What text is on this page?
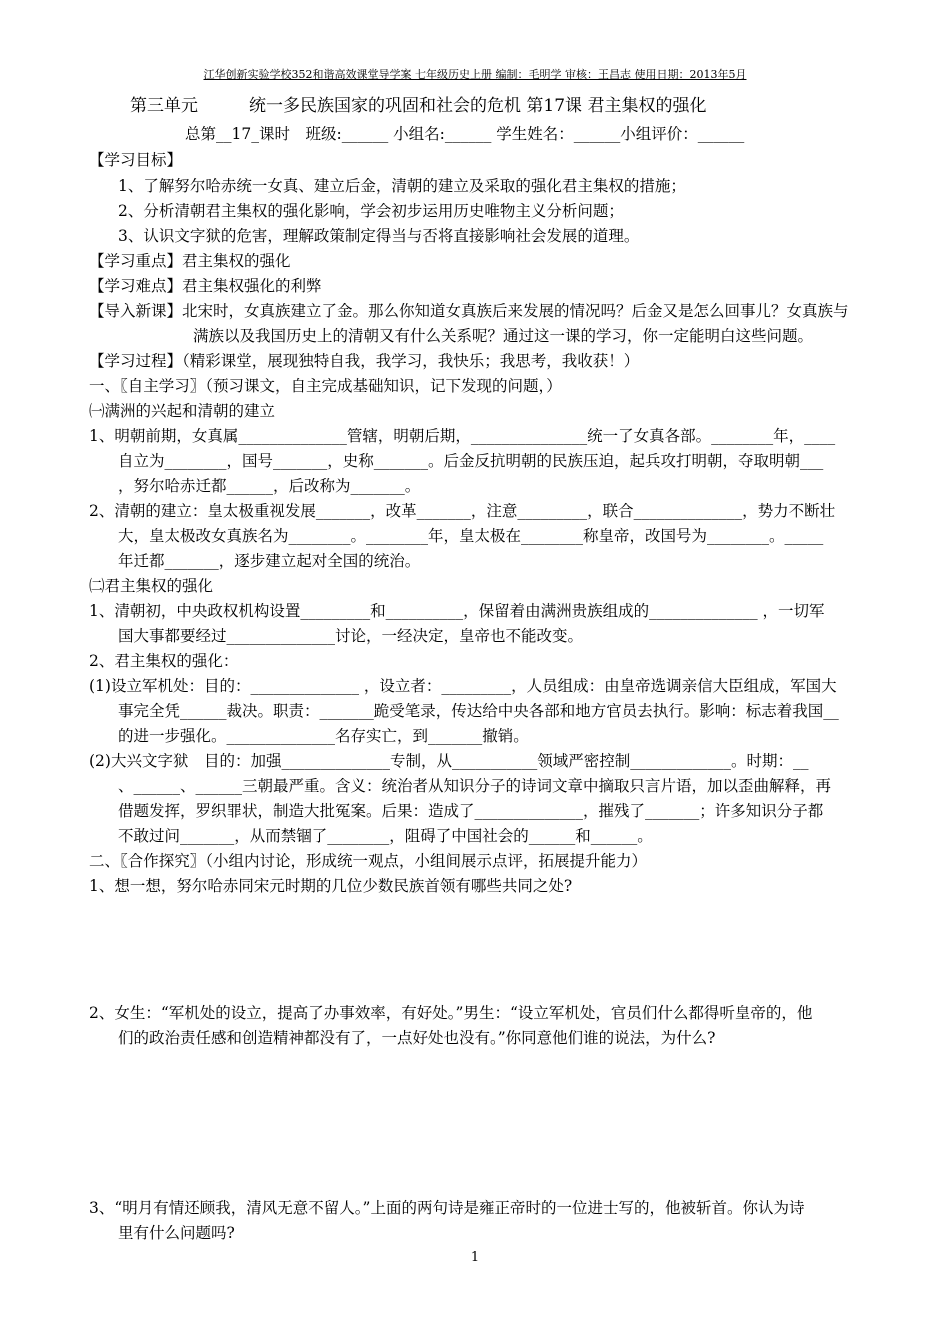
江华创新实验学校352和谐高效课堂导学案 七年级历史上册 编制：毛明学 审核：王昌志 使用日期：2013年5月
第三单元　　　统一多民族国家的巩固和社会的危机 第17课 君主集权的强化
总第__17_课时　班级:______ 小组名:______ 学生姓名：______小组评价：______
【学习目标】
1、了解努尔哈赤统一女真、建立后金，清朝的建立及采取的强化君主集权的措施；
2、分析清朝君主集权的强化影响，学会初步运用历史唯物主义分析问题；
3、认识文字狱的危害，理解政策制定得当与否将直接影响社会发展的道理。
【学习重点】君主集权的强化
【学习难点】君主集权强化的利弊
【导入新课】北宋时，女真族建立了金。那么你知道女真族后来发展的情况吗？后金又是怎么回事儿？女真族与
满族以及我国历史上的清朝又有什么关系呢？通过这一课的学习，你一定能明白这些问题。
【学习过程】（精彩课堂，展现独特自我，我学习，我快乐；我思考，我收获！）
一、〖自主学习〗（预习课文，自主完成基础知识，记下发现的问题，）
㈠满洲的兴起和清朝的建立
1、明朝前期，女真属______________管辖，明朝后期，_______________统一了女真各部。________年，____
自立为________，国号_______，史称_______。后金反抗明朝的民族压迫，起兵攻打明朝，夺取明朝___
，努尔哈赤迁都______，后改称为_______。
2、清朝的建立：皇太极重视发展_______，改革_______，注意_________，联合______________，势力不断壮
大，皇太极改女真族名为________。________年，皇太极在________称皇帝，改国号为________。_____
年迁都_______，逐步建立起对全国的统治。
㈡君主集权的强化
1、清朝初，中央政权机构设置_________和__________，保留着由满洲贵族组成的______________ ，一切军
国大事都要经过______________讨论，一经决定，皇帝也不能改变。
2、君主集权的强化：
(1)设立军机处：目的：______________ ，设立者：_________，人员组成：由皇帝选调亲信大臣组成，军国大
事完全凭______裁决。职责：_______跪受笔录，传达给中央各部和地方官员去执行。影响：标志着我国__
的进一步强化。______________名存实亡，到_______撤销。
(2)大兴文字狱　目的：加强______________专制，从___________领域严密控制_____________。时期：__
、______、______三朝最严重。含义：统治者从知识分子的诗词文章中摘取只言片语，加以歪曲解释，再
借题发挥，罗织罪状，制造大批冤案。后果：造成了______________，摧残了_______；许多知识分子都
不敢过问_______，从而禁锢了________，阻碍了中国社会的______和______。
二、〖合作探究〗（小组内讨论，形成统一观点，小组间展示点评，拓展提升能力）
1、想一想，努尔哈赤同宋元时期的几位少数民族首领有哪些共同之处?
2、女生：“军机处的设立，提高了办事效率，有好处。”男生：“设立军机处，官员们什么都得听皇帝的，他
们的政治责任感和创造精神都没有了，一点好处也没有。”你同意他们谁的说法，为什么?
3、“明月有情还顾我，清风无意不留人。”上面的两句诗是雍正帝时的一位进士写的，他被斩首。你认为诗
里有什么问题吗?
1
